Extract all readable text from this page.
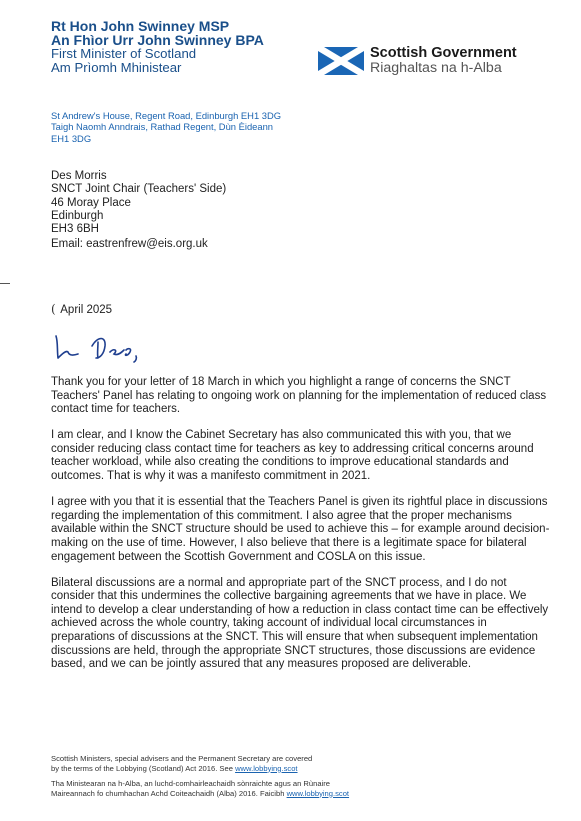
Rt Hon John Swinney MSP
An Fhìor Urr John Swinney BPA
First Minister of Scotland
Am Prìomh Mhinistear
Scottish Government
Riaghaltas na h-Alba
St Andrew's House, Regent Road, Edinburgh EH1 3DG
Taigh Naomh Anndrais, Rathad Regent, Dùn Èideann
EH1 3DG
Des Morris
SNCT Joint Chair (Teachers' Side)
46 Moray Place
Edinburgh
EH3 6BH
Email: eastrenfrew@eis.org.uk
( April 2025

Thank you for your letter of 18 March in which you highlight a range of concerns the SNCT Teachers' Panel has relating to ongoing work on planning for the implementation of reduced class contact time for teachers.

I am clear, and I know the Cabinet Secretary has also communicated this with you, that we consider reducing class contact time for teachers as key to addressing critical concerns around teacher workload, while also creating the conditions to improve educational standards and outcomes. That is why it was a manifesto commitment in 2021.

I agree with you that it is essential that the Teachers Panel is given its rightful place in discussions regarding the implementation of this commitment. I also agree that the proper mechanisms available within the SNCT structure should be used to achieve this – for example around decision-making on the use of time. However, I also believe that there is a legitimate space for bilateral engagement between the Scottish Government and COSLA on this issue.

Bilateral discussions are a normal and appropriate part of the SNCT process, and I do not consider that this undermines the collective bargaining agreements that we have in place. We intend to develop a clear understanding of how a reduction in class contact time can be effectively achieved across the whole country, taking account of individual local circumstances in preparations of discussions at the SNCT. This will ensure that when subsequent implementation discussions are held, through the appropriate SNCT structures, those discussions are evidence based, and we can be jointly assured that any measures proposed are deliverable.

Scottish Ministers, special advisers and the Permanent Secretary are covered
by the terms of the Lobbying (Scotland) Act 2016. See www.lobbying.scot

Tha Ministearan na h-Alba, an luchd-comhairleachaidh sònraichte agus an Rùnaire
Maireannach fo chumhachan Achd Coiteachaidh (Alba) 2016. Faicibh www.lobbying.scot
